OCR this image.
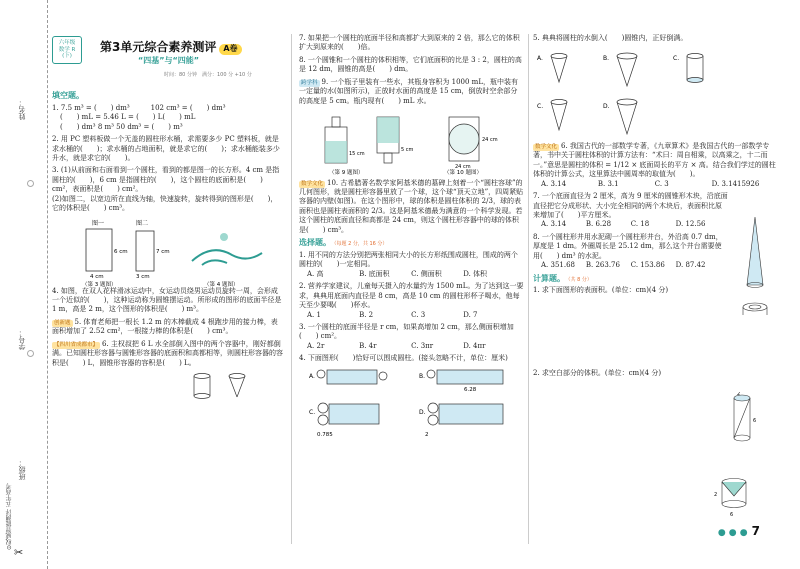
姓名：
学号：
班级：
⊙权威智能测评 五年高考
✂
六年级
数学 R
(下)
第3单元综合素养测评 A卷
“四基”与“四能”
时间：80 分钟　满分：100 分 +10 分
填空题。
1. 7.5 m³ = (　　) dm³　　　102 cm³ = (　　) dm³
(　　) mL = 5.46 L = (　　) L(　　) mL
(　　) dm³ 8 m³ 50 dm³ = (　　) m³
2. 用 PC 塑料板做一个无盖的圆柱形水桶，求需要多少 PC 塑料板，就是求水桶的(　　)；求水桶的占地面积，就是求它的(　　)；求水桶能装多少升水，就是求它的(　　)。
3. (1)从前面和右面看到一个圆柱，看到的都是图一的长方形。4 cm 是指圆柱的(　　)，6 cm 是指圆柱的(　　)，这个圆柱的底面积是(　　) cm²，表面积是(　　) cm²。
(2)如图二，以宽边所在直线为轴，快速旋转，旋转得到的图形是(　　)，它的体积是(　　) cm³。
图一	图二
4 cm
6 cm
3 cm
7 cm
（第 3 题图）	（第 4 题图）
4. 如图，在双人花样滑冰运动中，女运动员绕男运动员旋转一周，会形成一个近似的(　　)，这种运动称为圆锥摆运动。所形成的图形的底面半径是 1 m，高是 2 m，这个图形的体积是(　　) m³。
创新题 5. 体育老师把一根长 1.2 m 的木棒截成 4 根跑步用的接力棒，表面积增加了 2.52 cm²，一根接力棒的体积是(　　) cm³。
【四川省成都市】 6. 主权叔把 6 L 水全部倒入图中的两个容器中，刚好都倒满。已知圆柱形容器与圆锥形容器的底面积和高都相等，则圆柱形容器的容积是(　　) L，圆锥形容器的容积是(　　) L。
7. 如果把一个圆柱的底面半径和高都扩大到原来的 2 倍，那么它的体积扩大到原来的(　　)倍。
8. 一个圆锥和一个圆柱的体积相等，它们底面积的比是 3 : 2，圆柱的高是 12 dm，圆锥的高是(　　) dm。
跨学科 9. 一个瓶子里装有一些水，其瓶身容积为 1000 mL，瓶中装有一定量的水(如图所示)，正放时水面的高度是 15 cm，倒放时空余部分的高度是 5 cm。瓶内现有(　　) mL 水。
15 cm
5 cm
24 cm
24 cm
（第 9 题图）	（第 10 题图）
数学文化 10. 古希腊著名数学家阿基米德的墓碑上刻着一个“圆柱容球”的几何图形，就是圆柱形容器里放了一个球，这个球“顶天立地”，四周紧贴容器的内壁(如图)。在这个图形中，球的体积是圆柱体积的 2/3，球的表面积也是圆柱表面积的 2/3。这是阿基米德最为满意的一个科学发现。若这个圆柱的底面直径和高都是 24 cm，则这个圆柱形容器中的球的体积是(　　) cm³。
选择题。 （每题 2 分，共 16 分）
1. 用不同的方法分别把两张相同大小的长方形纸围成圆柱，围成的两个圆柱的(　　)一定相同。
A. 高	B. 底面积	C. 侧面积	D. 体积
2. 营养学家建议，儿童每天摄入的水量约为 1500 mL。为了达到这一要求，典典用底面内直径是 8 cm，高是 10 cm 的圆柱形杯子喝水，他每天至少要喝(　　)杯水。
A. 1	B. 2	C. 3	D. 7
3. 一个圆柱的底面半径是 r cm，如果高增加 2 cm，那么侧面积增加(　　) cm²。
A. 2r	B. 4r	C. 3πr	D. 4πr
4. 下面图形(　　)恰好可以围成圆柱。(接头忽略不计，单位：厘米)
A.	B.
6.28
C.
0.785
D.
2
5. 典典将圆柱的水倒入(　　)圆锥内，正好倒满。
A.	B.	C.
C.	D.
数学文化 6. 我国古代的一部数学专著，《九章算术》是我国古代的一部数学专著，书中关于圆柱体积的计算方法有：“术曰：周自相乘，以高乘之，十二而一。”意思是圆柱的体积 = 1/12 × 底面周长的平方 × 高。结合我们学过的圆柱体积的计算公式，这里算法中圆周率的取值为(　　)。
A. 3.14	B. 3.1	C. 3	D. 3.1415926
7. 一个底面直径为 2 厘米，高为 9 厘米的圆锥形木块，沿底面直径把它分成形状、大小完全相同的两个木块后，表面积比原来增加了(　　)平方厘米。
A. 3.14	B. 6.28	C. 18	D. 12.56
8. 一个圆柱形井用水泥砌一个圆柱形井台，外沿高 0.7 dm，厚度是 1 dm。外圈周长是 25.12 dm，那么这个井台需要使用(　　) dm³ 的水泥。
A. 351.68 B. 263.76 C. 153.86 D. 87.42
计算题。 （共 8 分）
1. 求下面图形的表面积。(单位：cm)(4 分)
2. 求空白部分的体积。(单位：cm)(4 分)
2
6
2
6
● ● ● 7
